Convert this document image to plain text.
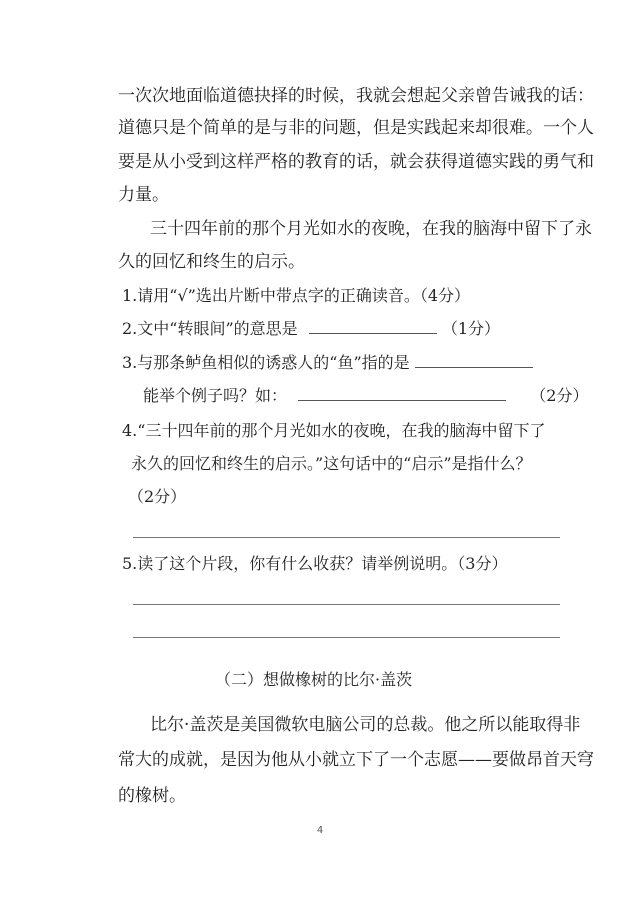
一次次地面临道德抉择的时候，我就会想起父亲曾告诫我的话：
道德只是个简单的是与非的问题，但是实践起来却很难。一个人
要是从小受到这样严格的教育的话，就会获得道德实践的勇气和
力量。
三十四年前的那个月光如水的夜晚，在我的脑海中留下了永
久的回忆和终生的启示。
1.请用“√”选出片断中带点字的正确读音。（4分）
2.文中“转眼间”的意思是	（1分）
3.与那条鲈鱼相似的诱惑人的“鱼”指的是
能举个例子吗？如：	（2分）
4.“三十四年前的那个月光如水的夜晚，在我的脑海中留下了
永久的回忆和终生的启示。”这句话中的“启示”是指什么？
（2分）
5.读了这个片段，你有什么收获？请举例说明。（3分）
（二）想做橡树的比尔·盖茨
比尔·盖茨是美国微软电脑公司的总裁。他之所以能取得非
常大的成就，是因为他从小就立下了一个志愿——要做昂首天穹
的橡树。
4
